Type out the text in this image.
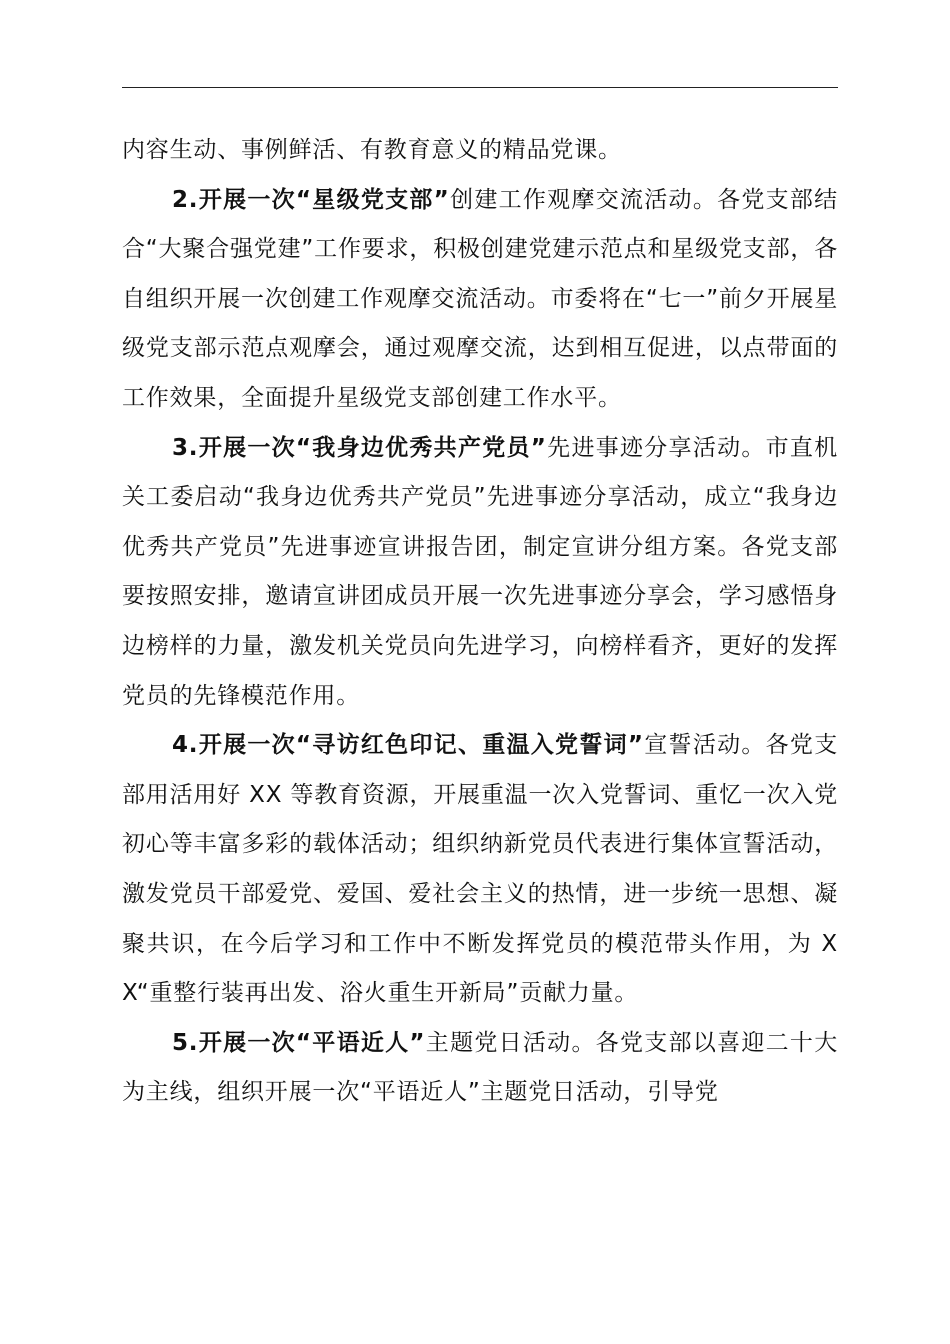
内容生动、事例鲜活、有教育意义的精品党课。

2.开展一次“星级党支部”创建工作观摩交流活动。各党支部结合“大聚合强党建”工作要求，积极创建党建示范点和星级党支部，各自组织开展一次创建工作观摩交流活动。市委将在“七一”前夕开展星级党支部示范点观摩会，通过观摩交流，达到相互促进，以点带面的工作效果，全面提升星级党支部创建工作水平。

3.开展一次“我身边优秀共产党员”先进事迹分享活动。市直机关工委启动“我身边优秀共产党员”先进事迹分享活动，成立“我身边优秀共产党员”先进事迹宣讲报告团，制定宣讲分组方案。各党支部要按照安排，邀请宣讲团成员开展一次先进事迹分享会，学习感悟身边榜样的力量，激发机关党员向先进学习，向榜样看齐，更好的发挥党员的先锋模范作用。

4.开展一次“寻访红色印记、重温入党誓词”宣誓活动。各党支部用活用好 XX 等教育资源，开展重温一次入党誓词、重忆一次入党初心等丰富多彩的载体活动；组织纳新党员代表进行集体宣誓活动，激发党员干部爱党、爱国、爱社会主义的热情，进一步统一思想、凝聚共识，在今后学习和工作中不断发挥党员的模范带头作用，为 XX“重整行装再出发、浴火重生开新局”贡献力量。

5.开展一次“平语近人”主题党日活动。各党支部以喜迎二十大为主线，组织开展一次“平语近人”主题党日活动，引导党
